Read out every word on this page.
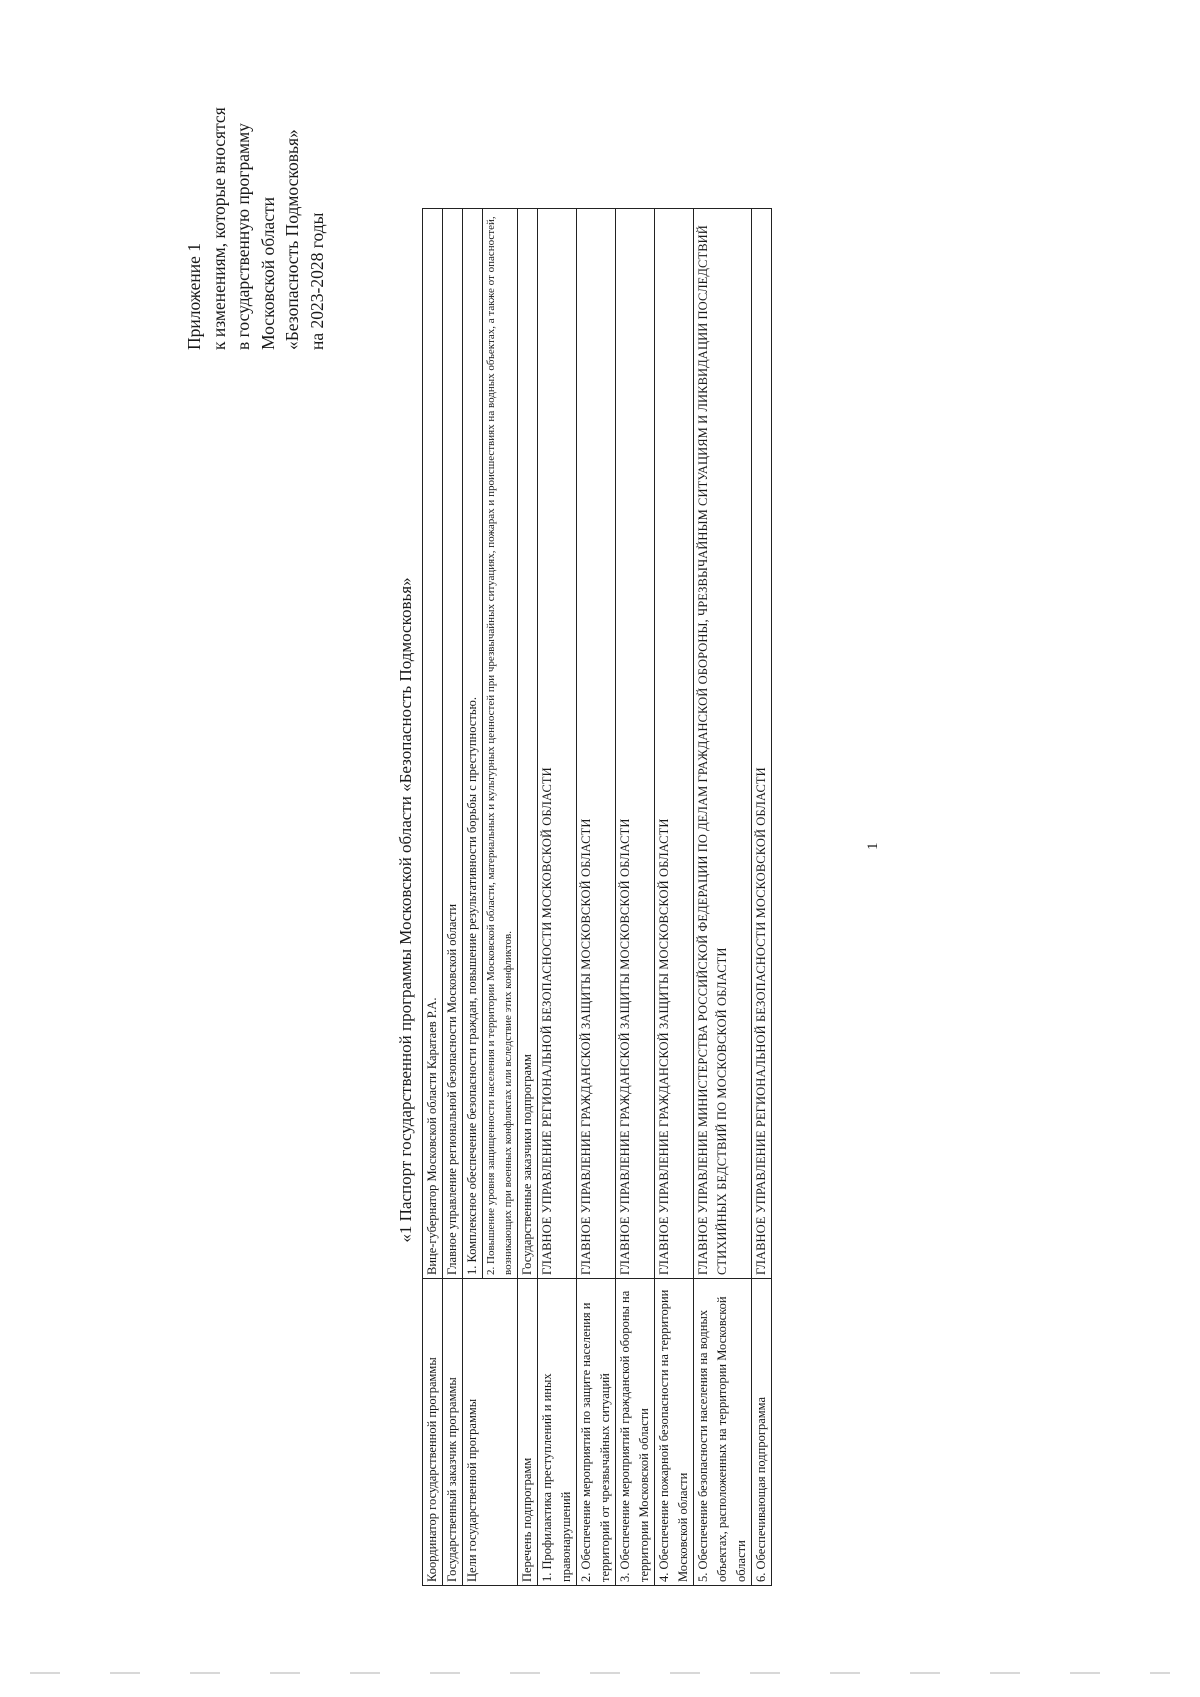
Приложение 1 к изменениям, которые вносятся в государственную программу Московской области «Безопасность Подмосковья» на 2023-2028 годы
«1 Паспорт государственной программы Московской области «Безопасность Подмосковья»
Координатор государственной программы	Вице-губернатор Московской области Каратаев Р.А.
Государственный заказчик программы	Главное управление региональной безопасности Московской области
Цели государственной программы	1. Комплексное обеспечение безопасности граждан, повышение результативности борьбы с преступностью.
	2. Повышение уровня защищенности населения и территории Московской области, материальных и культурных ценностей при чрезвычайных ситуациях, пожарах и происшествиях на водных объектах, а также от опасностей, возникающих при военных конфликтах или вследствие этих конфликтов.
Перечень подпрограмм	Государственные заказчики подпрограмм
1. Профилактика преступлений и иных правонарушений	ГЛАВНОЕ УПРАВЛЕНИЕ РЕГИОНАЛЬНОЙ БЕЗОПАСНОСТИ МОСКОВСКОЙ ОБЛАСТИ
2. Обеспечение мероприятий по защите населения и территорий от чрезвычайных ситуаций	ГЛАВНОЕ УПРАВЛЕНИЕ ГРАЖДАНСКОЙ ЗАЩИТЫ МОСКОВСКОЙ ОБЛАСТИ
3. Обеспечение мероприятий гражданской обороны на территории Московской области	ГЛАВНОЕ УПРАВЛЕНИЕ ГРАЖДАНСКОЙ ЗАЩИТЫ МОСКОВСКОЙ ОБЛАСТИ
4. Обеспечение пожарной безопасности на территории Московской области	ГЛАВНОЕ УПРАВЛЕНИЕ ГРАЖДАНСКОЙ ЗАЩИТЫ МОСКОВСКОЙ ОБЛАСТИ
5. Обеспечение безопасности населения на водных объектах, расположенных на территории Московской области	ГЛАВНОЕ УПРАВЛЕНИЕ МИНИСТЕРСТВА РОССИЙСКОЙ ФЕДЕРАЦИИ ПО ДЕЛАМ ГРАЖДАНСКОЙ ОБОРОНЫ, ЧРЕЗВЫЧАЙНЫМ СИТУАЦИЯМ И ЛИКВИДАЦИИ ПОСЛЕДСТВИЙ СТИХИЙНЫХ БЕДСТВИЙ ПО МОСКОВСКОЙ ОБЛАСТИ
6. Обеспечивающая подпрограмма	ГЛАВНОЕ УПРАВЛЕНИЕ РЕГИОНАЛЬНОЙ БЕЗОПАСНОСТИ МОСКОВСКОЙ ОБЛАСТИ	1
